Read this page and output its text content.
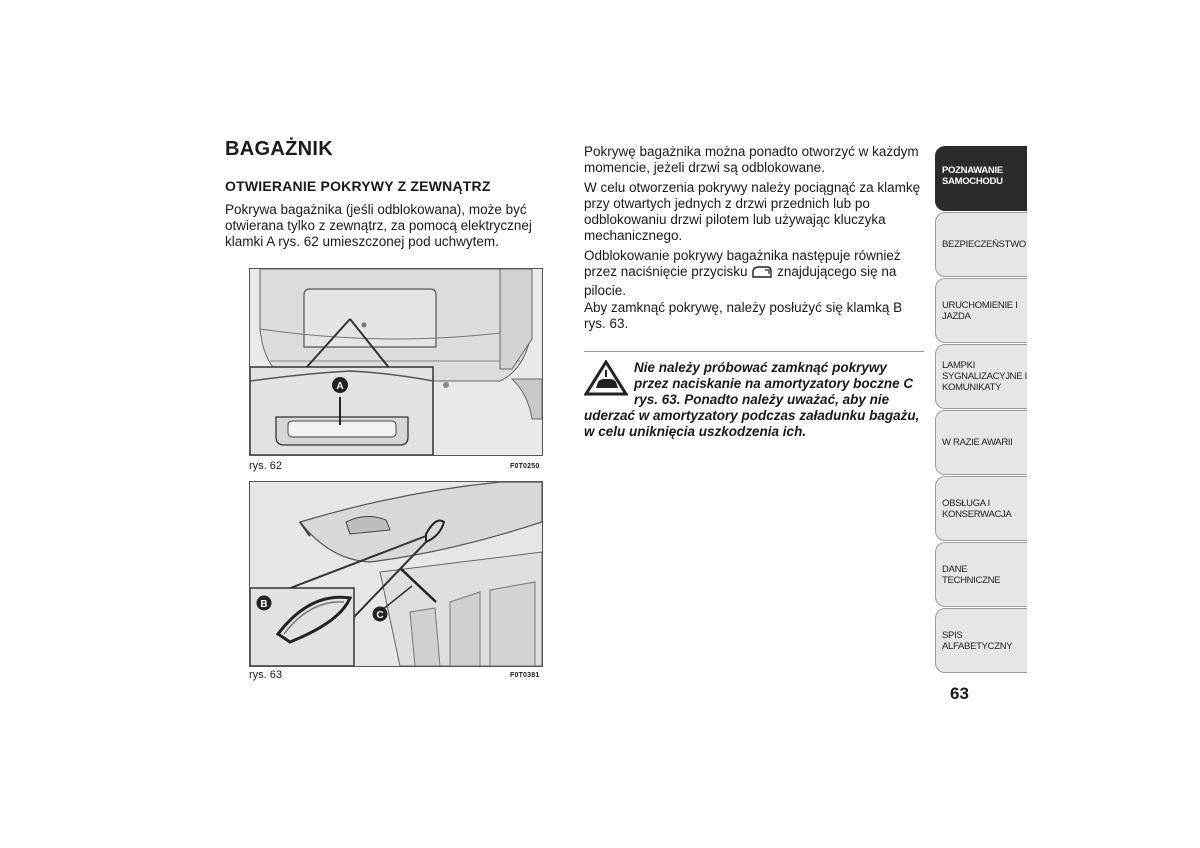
BAGAŻNIK
OTWIERANIE POKRYWY Z ZEWNĄTRZ

Pokrywa bagażnika (jeśli odblokowana), może być otwierana tylko z zewnątrz, za pomocą elektrycznej klamki A rys. 62 umieszczonej pod uchwytem.

A
rys. 62	F0T0250
B
C
rys. 63	F0T0381

Pokrywę bagażnika można ponadto otworzyć w każdym momencie, jeżeli drzwi są odblokowane.

W celu otworzenia pokrywy należy pociągnąć za klamkę przy otwartych jednych z drzwi przednich lub po odblokowaniu drzwi pilotem lub używając kluczyka mechanicznego.

Odblokowanie pokrywy bagażnika następuje również przez naciśnięcie przycisku znajdującego się na pilocie.

Aby zamknąć pokrywę, należy posłużyć się klamką B rys. 63.

Nie należy próbować zamknąć pokrywy przez naciskanie na amortyzatory boczne C rys. 63. Ponadto należy uważać, aby nie uderzać w amortyzatory podczas załadunku bagażu, w celu uniknięcia uszkodzenia ich.

POZNAWANIE
SAMOCHODU
BEZPIECZEŃSTWO
URUCHOMIENIE I
JAZDA
LAMPKI
SYGNALIZACYJNE I
KOMUNIKATY
W RAZIE AWARII
OBSŁUGA I
KONSERWACJA
DANE TECHNICZNE
SPIS ALFABETYCZNY
63
